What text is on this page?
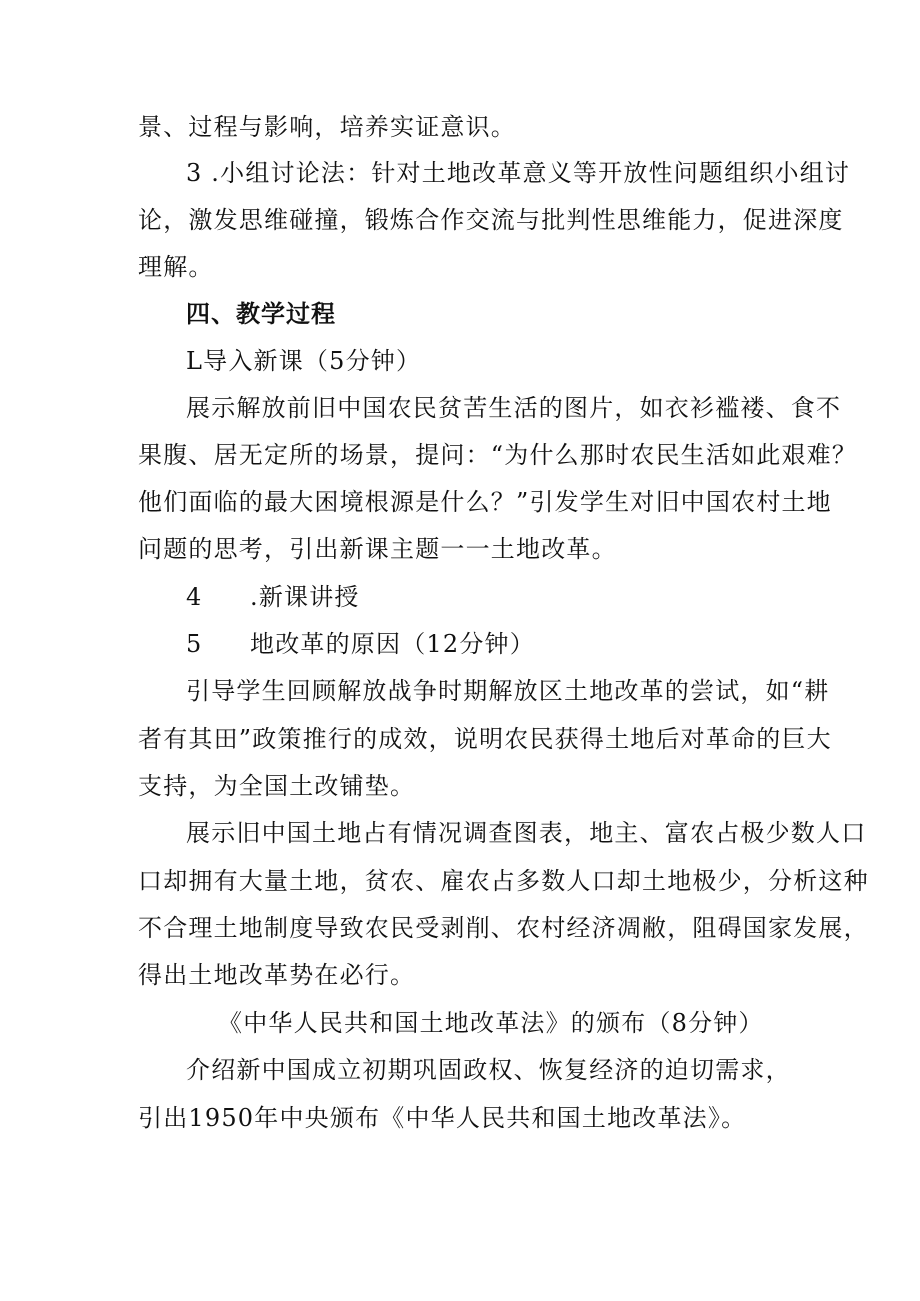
景、过程与影响，培养实证意识。
3 .小组讨论法：针对土地改革意义等开放性问题组织小组讨
论，激发思维碰撞，锻炼合作交流与批判性思维能力，促进深度
理解。
四、教学过程
L导入新课（5分钟）
展示解放前旧中国农民贫苦生活的图片，如衣衫褴褛、食不
果腹、居无定所的场景，提问：“为什么那时农民生活如此艰难？
他们面临的最大困境根源是什么？”引发学生对旧中国农村土地
问题的思考，引出新课主题一一土地改革。
4 .新课讲授
5 地改革的原因（12分钟）
引导学生回顾解放战争时期解放区土地改革的尝试，如“耕
者有其田”政策推行的成效，说明农民获得土地后对革命的巨大
支持，为全国土改铺垫。
展示旧中国土地占有情况调查图表，地主、富农占极少数人口
口却拥有大量土地，贫农、雇农占多数人口却土地极少，分析这种
不合理土地制度导致农民受剥削、农村经济凋敝，阻碍国家发展，
得出土地改革势在必行。
《中华人民共和国土地改革法》的颁布（8分钟）
介绍新中国成立初期巩固政权、恢复经济的迫切需求，
引出1950年中央颁布《中华人民共和国土地改革法》。
